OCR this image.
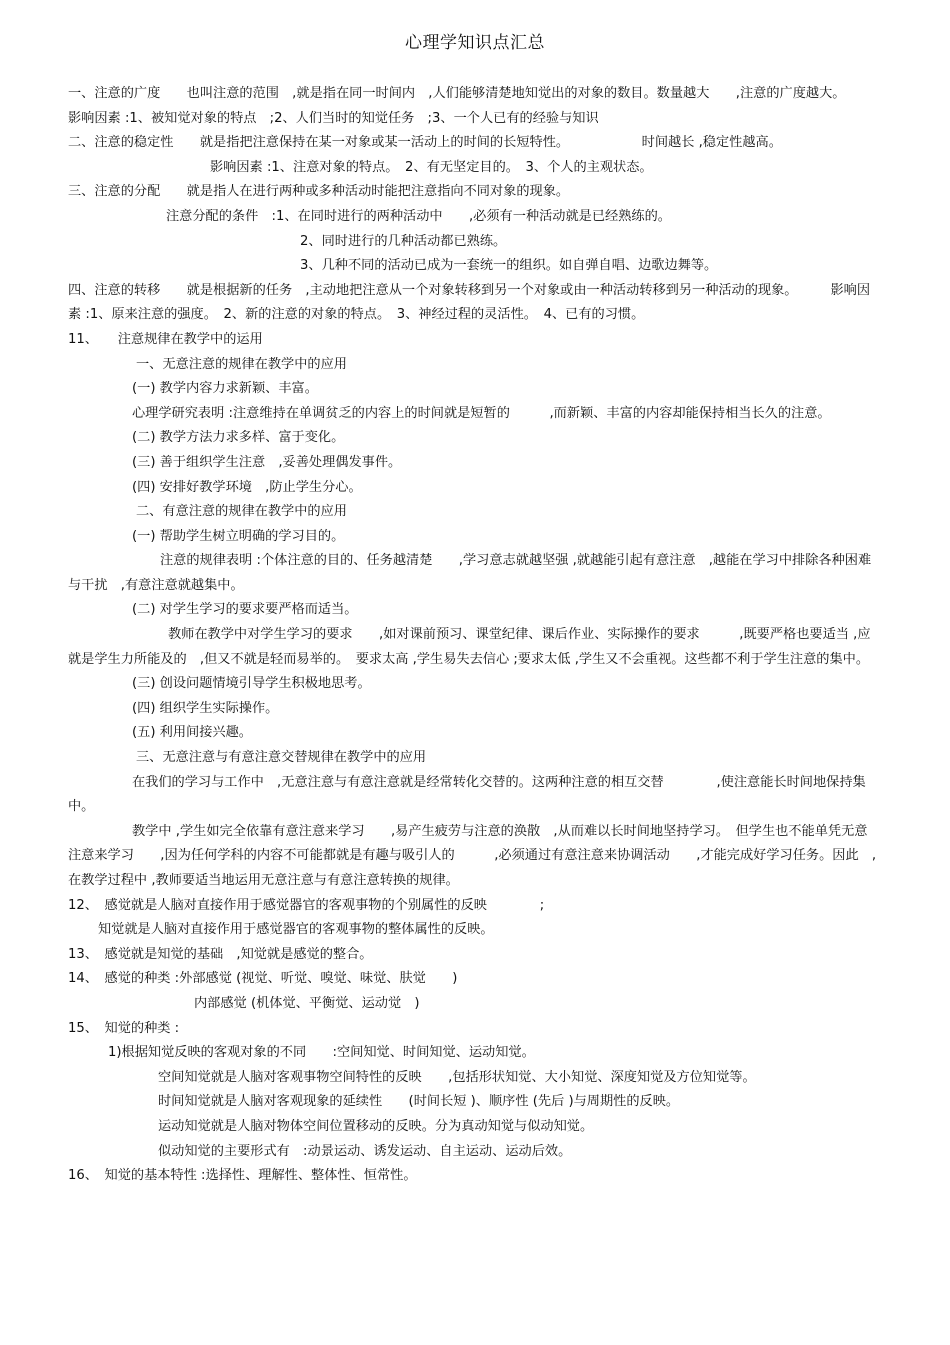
心理学知识点汇总

一、注意的广度　　也叫注意的范围　,就是指在同一时间内　,人们能够清楚地知觉出的对象的数目。数量越大　　,注意的广度越大。　　　影响因素 :1、被知觉对象的特点　;2、人们当时的知觉任务　;3、一个人已有的经验与知识

二、注意的稳定性　　就是指把注意保持在某一对象或某一活动上的时间的长短特性。　　　　　　时间越长 ,稳定性越高。

影响因素 :1、注意对象的特点。　2、有无坚定目的。　3、个人的主观状态。

三、注意的分配　　就是指人在进行两种或多种活动时能把注意指向不同对象的现象。

注意分配的条件　:1、在同时进行的两种活动中　　,必须有一种活动就是已经熟练的。

2、同时进行的几种活动都已熟练。

3、几种不同的活动已成为一套统一的组织。如自弹自唱、边歌边舞等。

四、注意的转移　　就是根据新的任务　,主动地把注意从一个对象转移到另一个对象或由一种活动转移到另一种活动的现象。　　　影响因素 :1、原来注意的强度。　2、新的注意的对象的特点。　3、神经过程的灵活性。　4、已有的习惯。

11、　　注意规律在教学中的运用

一、无意注意的规律在教学中的应用

(一) 教学内容力求新颖、丰富。

心理学研究表明 :注意维持在单调贫乏的内容上的时间就是短暂的　　　,而新颖、丰富的内容却能保持相当长久的注意。

(二) 教学方法力求多样、富于变化。

(三) 善于组织学生注意　,妥善处理偶发事件。

(四) 安排好教学环境　,防止学生分心。

二、有意注意的规律在教学中的应用

(一) 帮助学生树立明确的学习目的。

注意的规律表明 :个体注意的目的、任务越清楚　　,学习意志就越坚强 ,就越能引起有意注意　,越能在学习中排除各种困难与干扰　,有意注意就越集中。

(二) 对学生学习的要求要严格而适当。

教师在教学中对学生学习的要求　　,如对课前预习、课堂纪律、课后作业、实际操作的要求　　　,既要严格也要适当 ,应就是学生力所能及的　,但又不就是轻而易举的。　要求太高 ,学生易失去信心 ;要求太低 ,学生又不会重视。这些都不利于学生注意的集中。

(三) 创设问题情境引导学生积极地思考。

(四) 组织学生实际操作。

(五) 利用间接兴趣。

三、无意注意与有意注意交替规律在教学中的应用

在我们的学习与工作中　,无意注意与有意注意就是经常转化交替的。这两种注意的相互交替　　　　,使注意能长时间地保持集中。

教学中 ,学生如完全依靠有意注意来学习　　,易产生疲劳与注意的涣散　,从而难以长时间地坚持学习。　但学生也不能单凭无意注意来学习　　,因为任何学科的内容不可能都就是有趣与吸引人的　　　,必须通过有意注意来协调活动　　,才能完成好学习任务。因此　,在教学过程中 ,教师要适当地运用无意注意与有意注意转换的规律。

12、　感觉就是人脑对直接作用于感觉器官的客观事物的个别属性的反映　　　　;

知觉就是人脑对直接作用于感觉器官的客观事物的整体属性的反映。

13、　感觉就是知觉的基础　,知觉就是感觉的整合。

14、　感觉的种类 :外部感觉 (视觉、听觉、嗅觉、味觉、肤觉　　)

内部感觉 (机体觉、平衡觉、运动觉　)

15、　知觉的种类 :

1)根据知觉反映的客观对象的不同　　:空间知觉、时间知觉、运动知觉。

空间知觉就是人脑对客观事物空间特性的反映　　,包括形状知觉、大小知觉、深度知觉及方位知觉等。

时间知觉就是人脑对客观现象的延续性　　(时间长短 )、顺序性 (先后 )与周期性的反映。

运动知觉就是人脑对物体空间位置移动的反映。分为真动知觉与似动知觉。

似动知觉的主要形式有　:动景运动、诱发运动、自主运动、运动后效。

16、　知觉的基本特性 :选择性、理解性、整体性、恒常性。
